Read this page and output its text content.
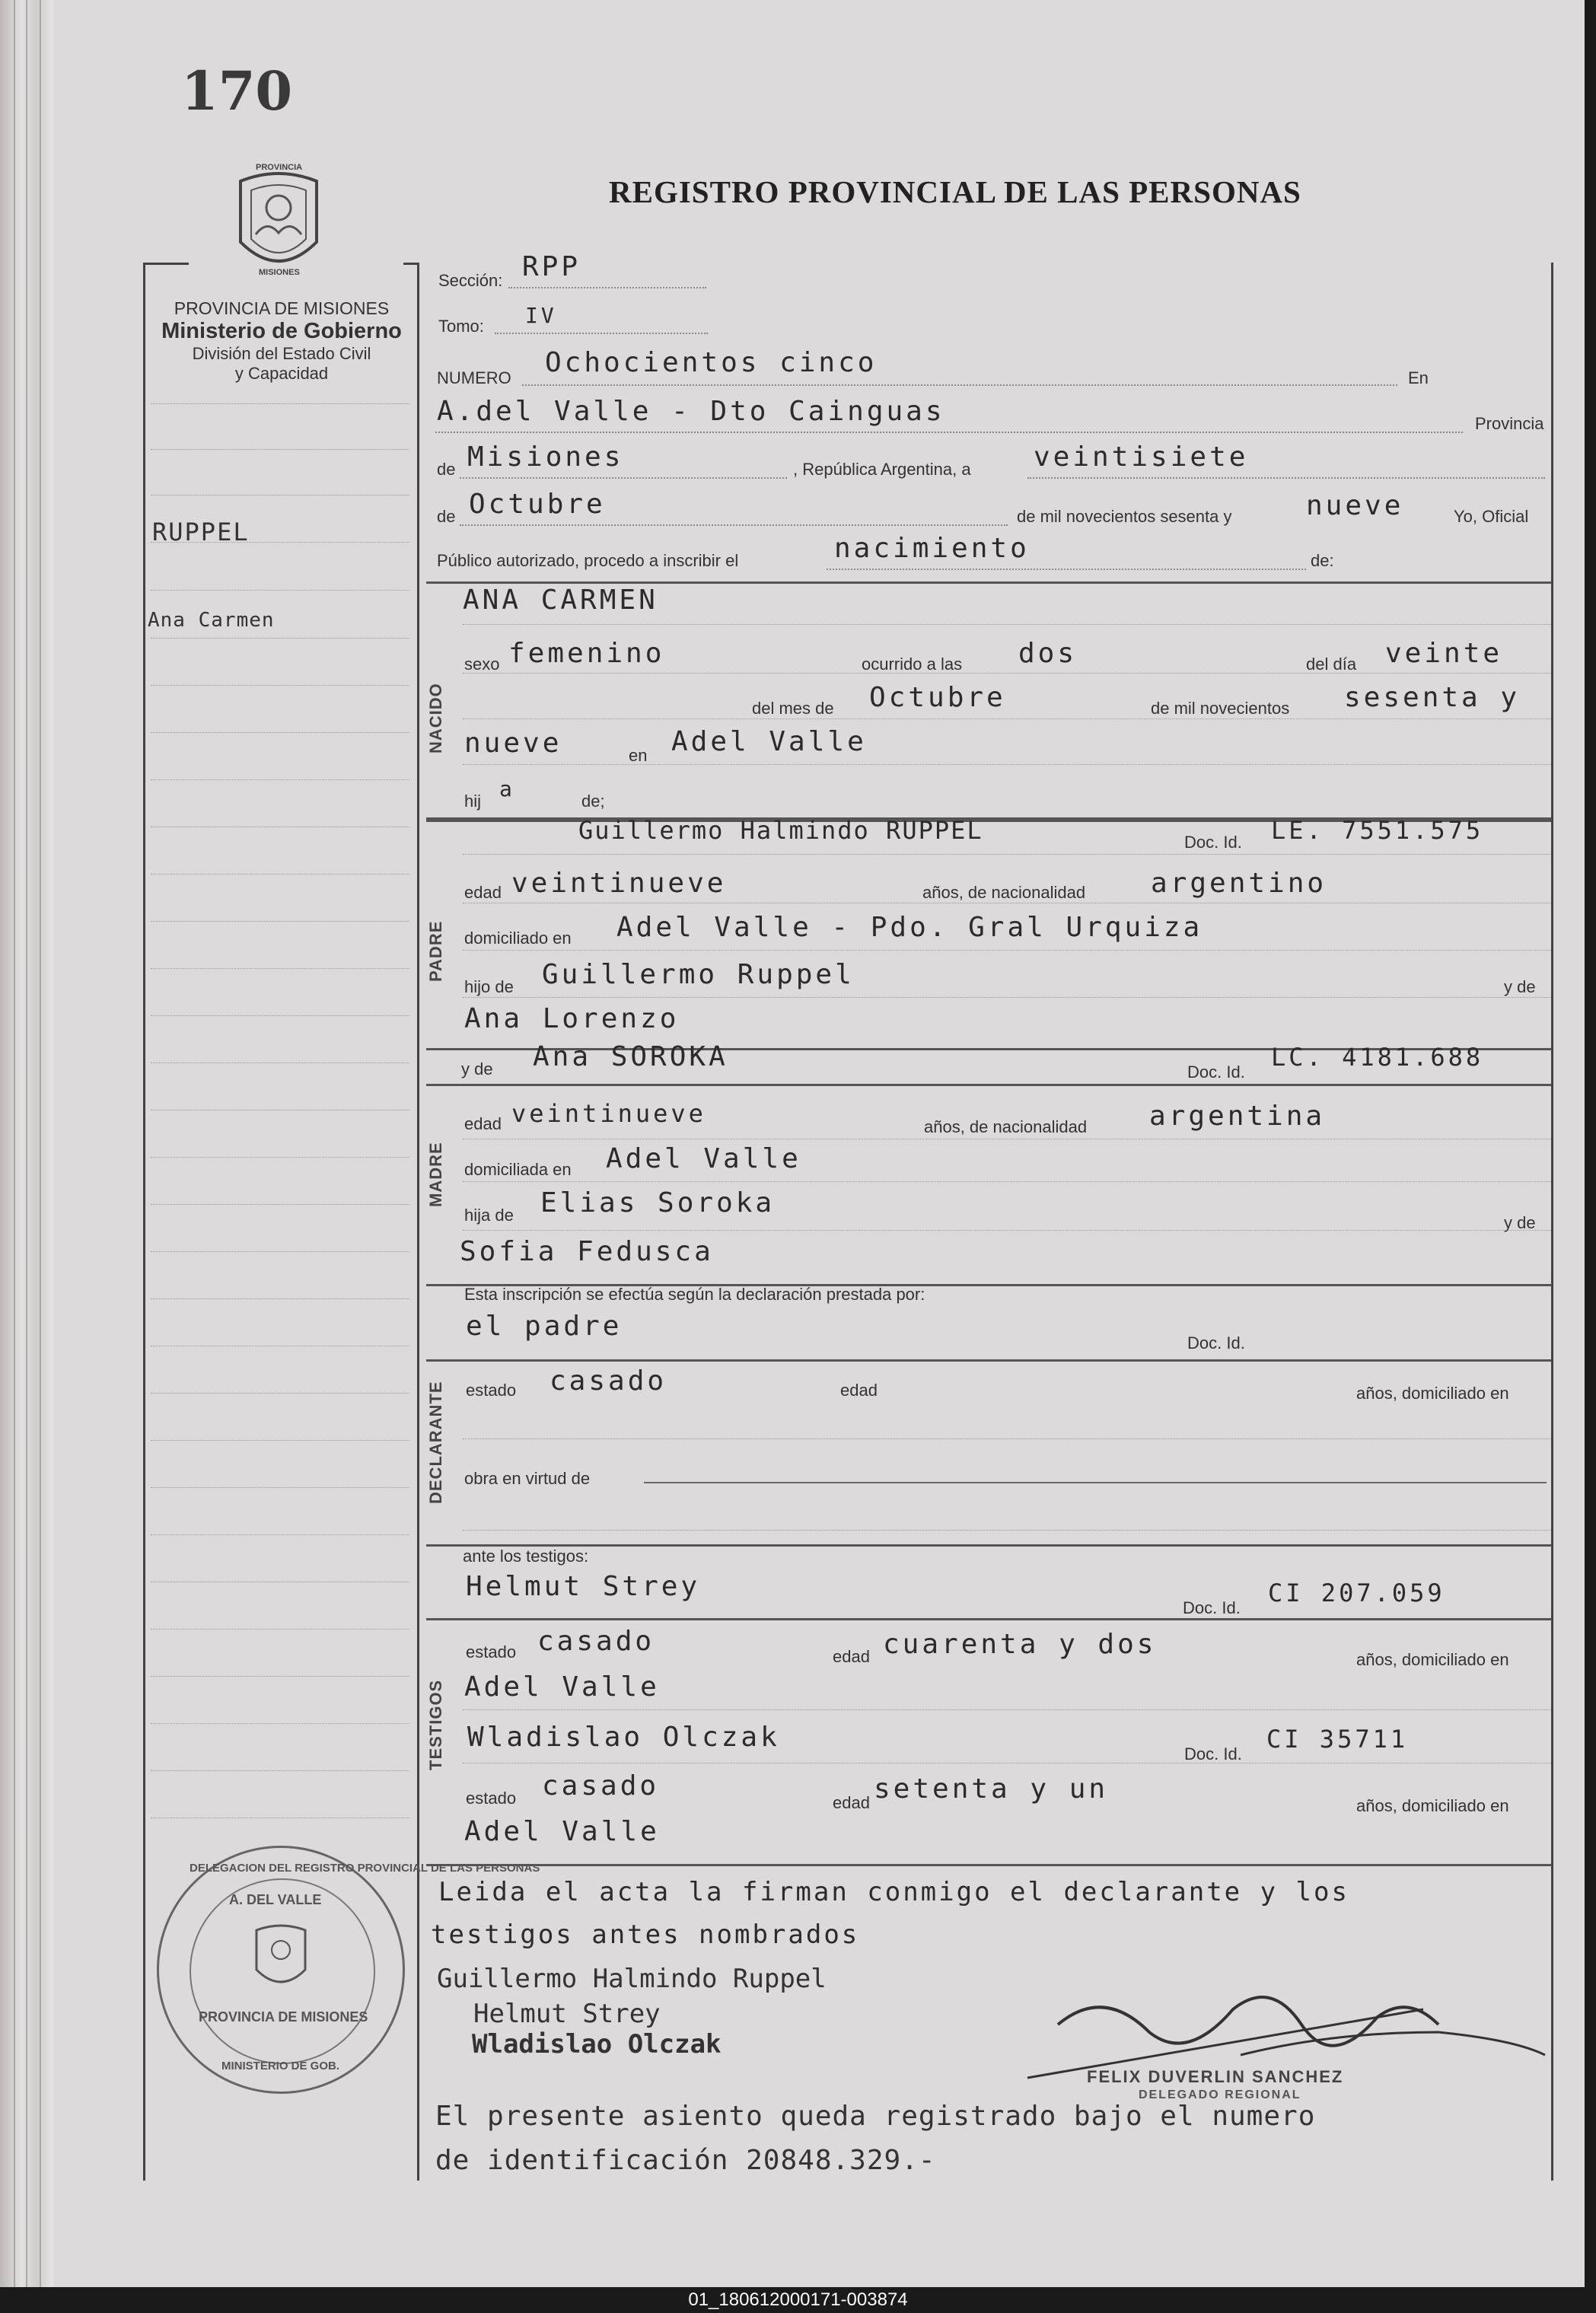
170
REGISTRO PROVINCIAL DE LAS PERSONAS
PROVINCIA
MISIONES
PROVINCIA DE MISIONES
Ministerio de Gobierno
División del Estado Civil
y Capacidad
RUPPEL
Ana Carmen
Sección: RPP
Tomo: IV
NUMERO Ochocientos cinco	En
A.del Valle - Dto Cainguas	Provincia
de Misiones	, República Argentina, a veintisiete
de Octubre	de mil novecientos sesenta y	nueve	Yo, Oficial
Público autorizado, procedo a inscribir el	nacimiento	de:
NACIDO
ANA CARMEN
sexo femenino	ocurrido a las dos	del día veinte
del mes de Octubre	de mil novecientos sesenta y
nueve	en Adel Valle
hij a	de;
PADRE
Guillermo Halmindo RUPPEL	Doc. Id. LE. 7551.575
edad veintinueve	años, de nacionalidad argentino
domiciliado en Adel Valle - Pdo. Gral Urquiza
hijo de Guillermo Ruppel	y de
Ana Lorenzo
y de Ana SOROKA	Doc. Id.
LC. 4181.688
MADRE
edad veintinueve	años, de nacionalidad argentina
domiciliada en Adel Valle
hija de Elias Soroka
y de
Sofia Fedusca
Esta inscripción se efectúa según la declaración prestada por:
el padre
Doc. Id.
DECLARANTE estado casado	edad	años, domiciliado en
obra en virtud de
ante los testigos:
Helmut Strey
Doc. Id.
CI 207.059
TESTIGOS
estado casado	edad cuarenta y dos	años, domiciliado en
Adel Valle
Wladislao Olczak
Doc. Id.
CI 35711
estado casado
edad setenta y un
años, domiciliado en
Adel Valle
Leida el acta la firman conmigo el declarante y los
testigos antes nombrados
Guillermo Halmindo Ruppel
Helmut Strey
Wladislao Olczak
FELIX DUVERLIN SANCHEZ
DELEGADO REGIONAL
El presente asiento queda registrado bajo el numero
de identificación 20848.329.-
DELEGACION DEL REGISTRO PROVINCIAL DE LAS PERSONAS
A. DEL VALLE
PROVINCIA DE MISIONES
MINISTERIO DE GOB.
01_180612000171-003874
